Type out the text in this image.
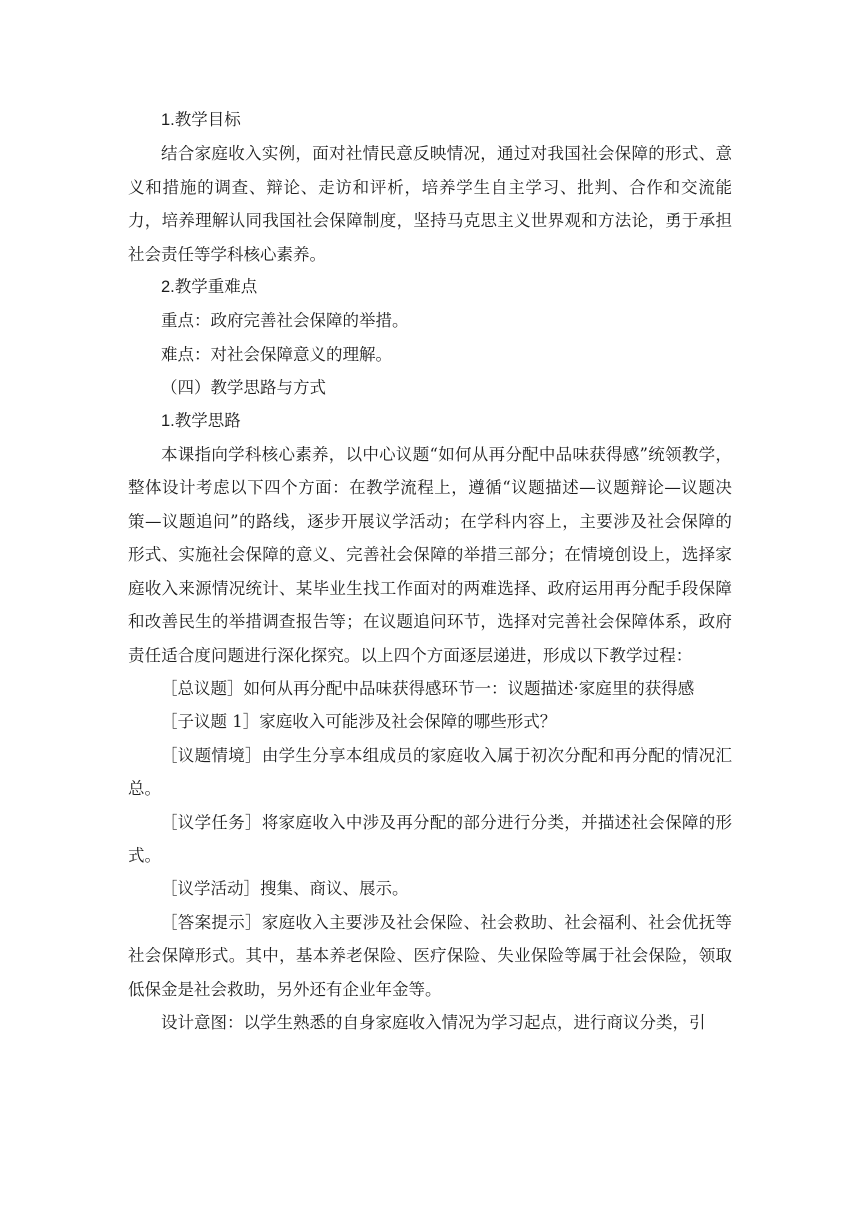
1.教学目标

结合家庭收入实例，面对社情民意反映情况，通过对我国社会保障的形式、意义和措施的调查、辩论、走访和评析，培养学生自主学习、批判、合作和交流能力，培养理解认同我国社会保障制度，坚持马克思主义世界观和方法论，勇于承担社会责任等学科核心素养。

2.教学重难点

重点：政府完善社会保障的举措。

难点：对社会保障意义的理解。

（四）教学思路与方式

1.教学思路

本课指向学科核心素养，以中心议题“如何从再分配中品味获得感”统领教学，整体设计考虑以下四个方面：在教学流程上，遵循“议题描述—议题辩论—议题决策—议题追问”的路线，逐步开展议学活动；在学科内容上，主要涉及社会保障的形式、实施社会保障的意义、完善社会保障的举措三部分；在情境创设上，选择家庭收入来源情况统计、某毕业生找工作面对的两难选择、政府运用再分配手段保障和改善民生的举措调查报告等；在议题追问环节，选择对完善社会保障体系，政府责任适合度问题进行深化探究。以上四个方面逐层递进，形成以下教学过程：

［总议题］如何从再分配中品味获得感环节一：议题描述·家庭里的获得感

［子议题 1］家庭收入可能涉及社会保障的哪些形式？

［议题情境］由学生分享本组成员的家庭收入属于初次分配和再分配的情况汇总。

［议学任务］将家庭收入中涉及再分配的部分进行分类，并描述社会保障的形式。

［议学活动］搜集、商议、展示。

［答案提示］家庭收入主要涉及社会保险、社会救助、社会福利、社会优抚等社会保障形式。其中，基本养老保险、医疗保险、失业保险等属于社会保险，领取低保金是社会救助，另外还有企业年金等。

设计意图：以学生熟悉的自身家庭收入情况为学习起点，进行商议分类，引
